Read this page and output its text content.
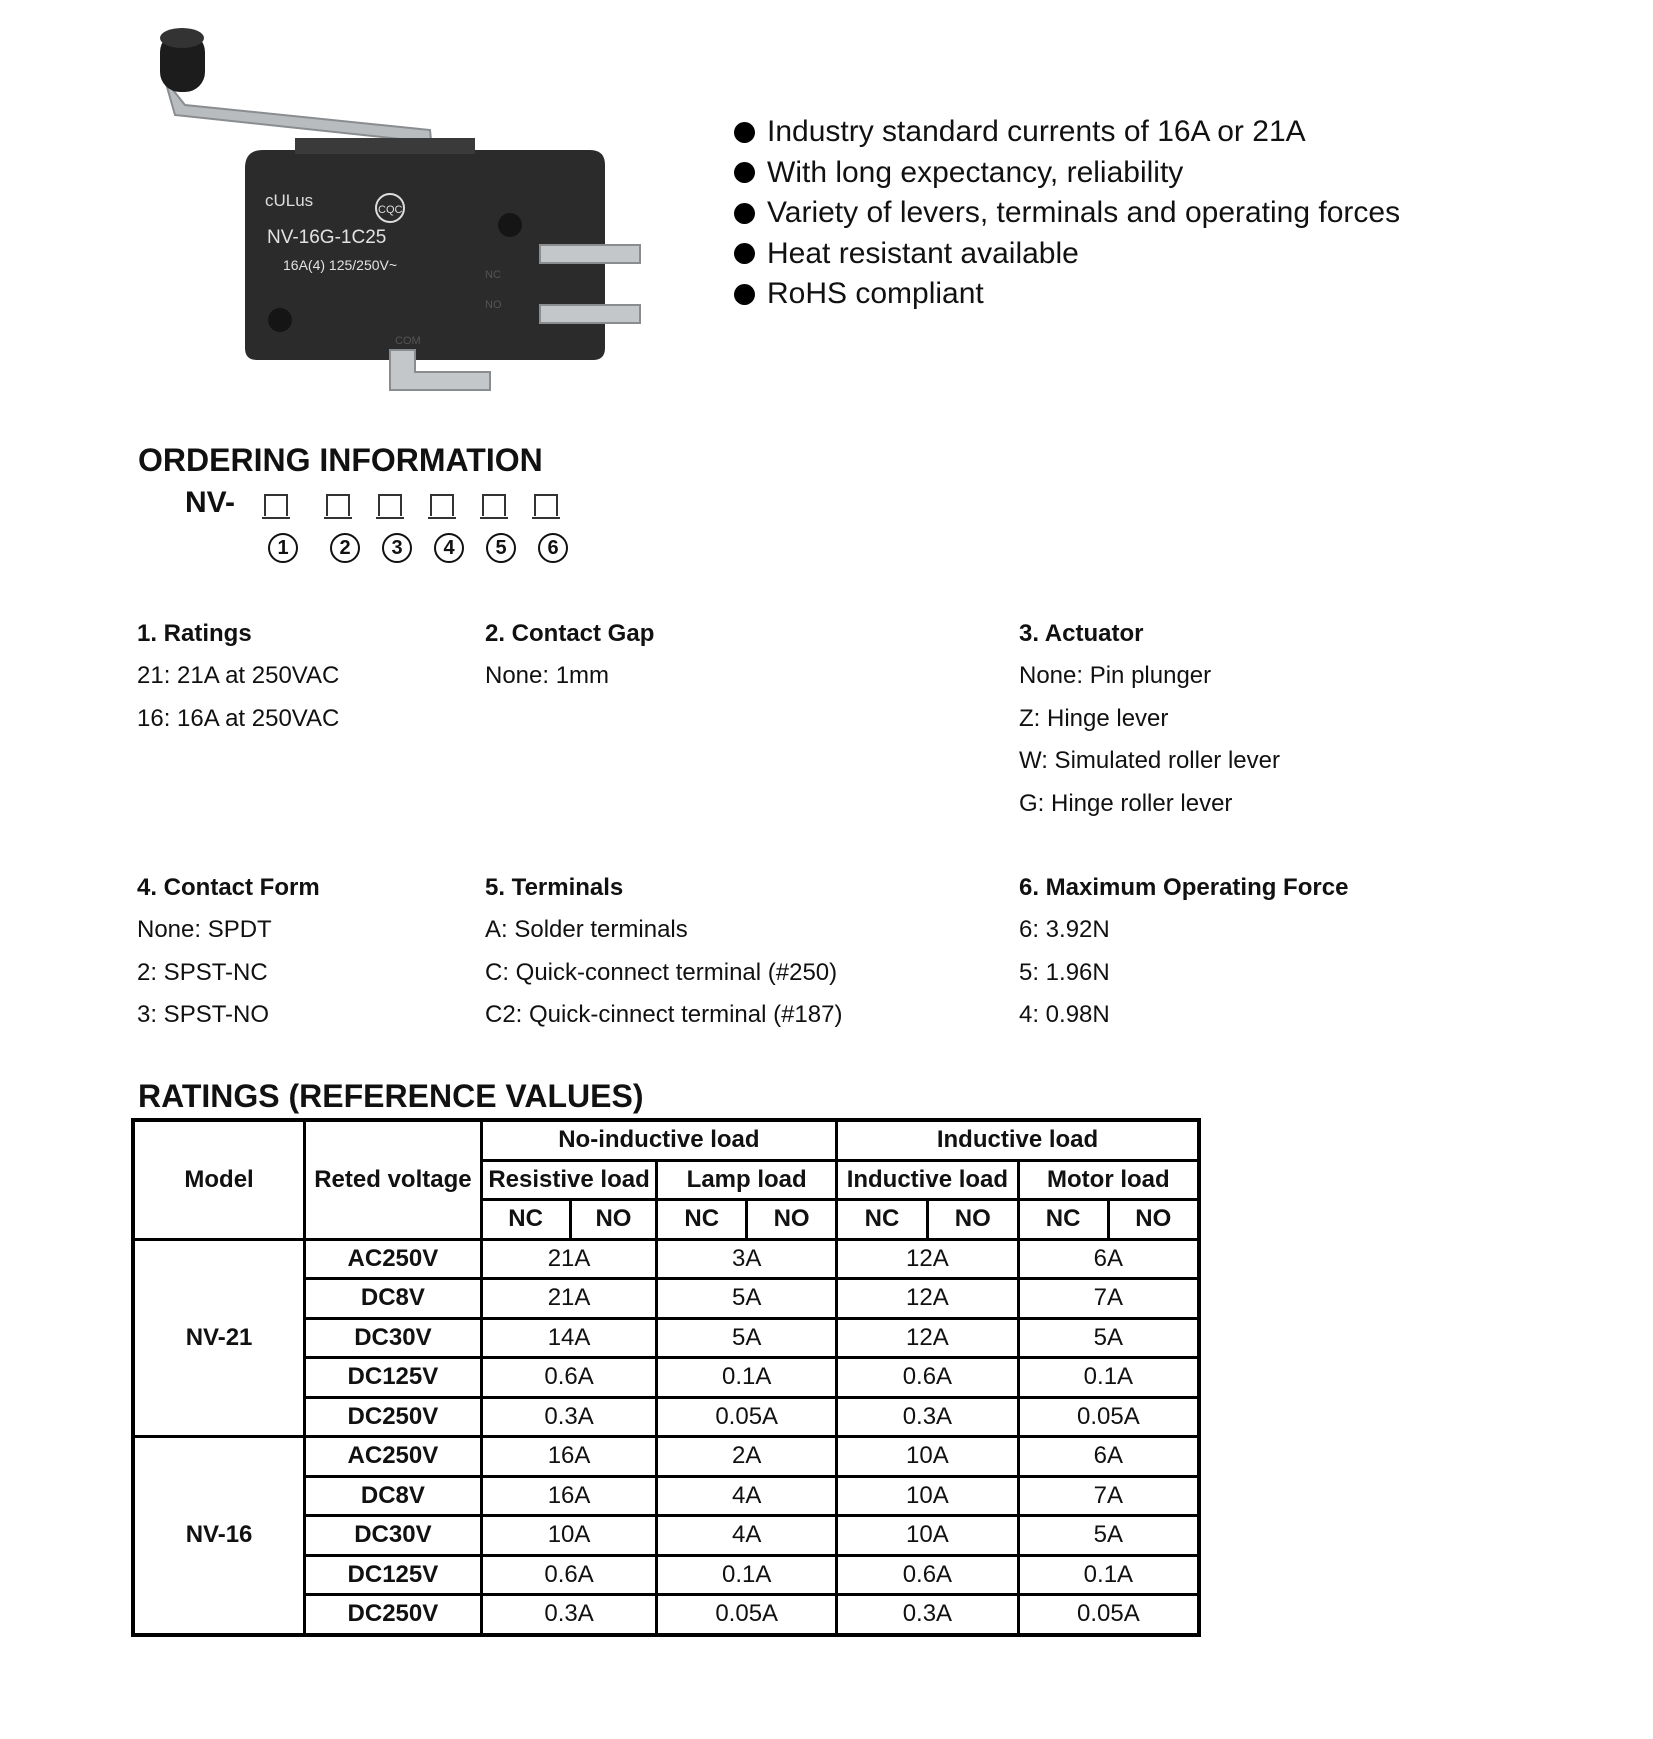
cULus	CQC
NV-16G-1C25
16A(4) 125/250V~
NC
NO
COM
Industry standard currents of 16A or 21A
With long expectancy, reliability
Variety of levers, terminals and operating forces
Heat resistant available
RoHS compliant
ORDERING INFORMATION
NV-
1	2	3	4	5	6
1. Ratings
21: 21A at 250VAC
16: 16A at 250VAC
2. Contact Gap
None: 1mm
3. Actuator
None: Pin plunger
Z: Hinge lever
W: Simulated roller lever
G: Hinge roller lever
4. Contact Form
None: SPDT
2: SPST-NC
3: SPST-NO
5. Terminals
A: Solder terminals
C: Quick-connect terminal (#250)
C2: Quick-cinnect terminal (#187)
6. Maximum Operating Force
6: 3.92N
5: 1.96N
4: 0.98N
RATINGS (REFERENCE VALUES)
Model	Reted voltage	No-inductive load				Inductive load			
		Resistive load		Lamp load		Inductive load		Motor load	
		NC	NO	NC	NO	NC	NO	NC	NO
NV-21	AC250V	21A		3A		12A		6A	
	DC8V	21A		5A		12A		7A	
	DC30V	14A		5A		12A		5A	
	DC125V	0.6A		0.1A		0.6A		0.1A	
	DC250V	0.3A		0.05A		0.3A		0.05A	
NV-16	AC250V	16A		2A		10A		6A	
	DC8V	16A		4A		10A		7A	
	DC30V	10A		4A		10A		5A	
	DC125V	0.6A		0.1A		0.6A		0.1A	
	DC250V	0.3A		0.05A		0.3A		0.05A	
